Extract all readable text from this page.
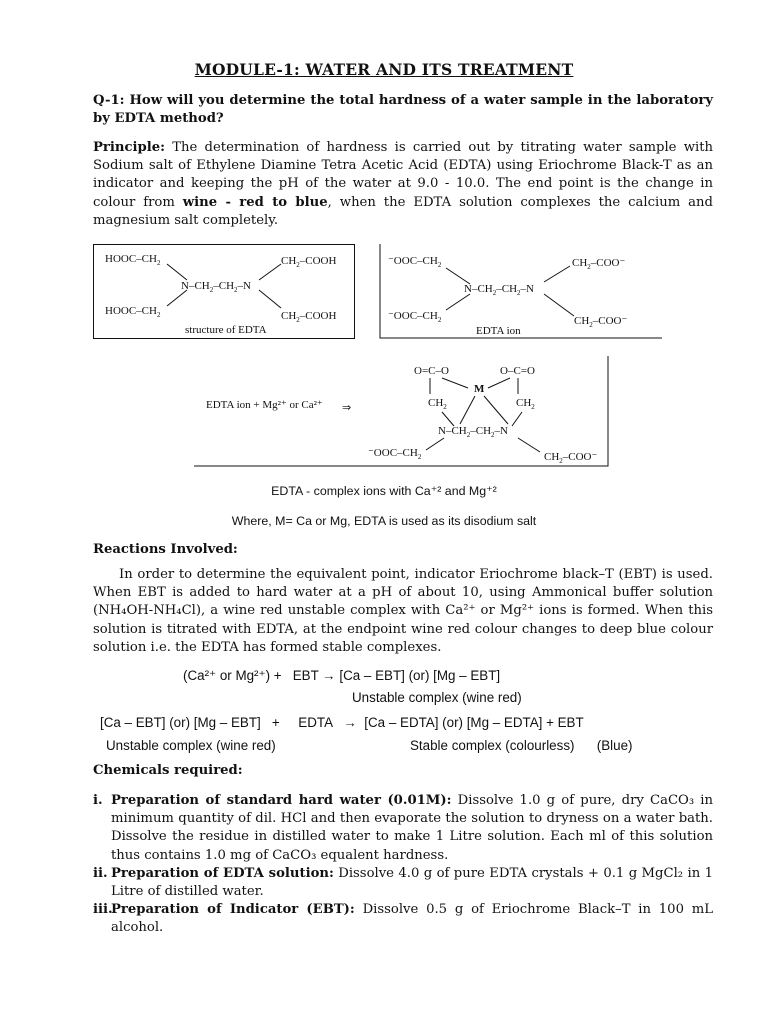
MODULE-1: WATER AND ITS TREATMENT
Q-1: How will you determine the total hardness of a water sample in the laboratory by EDTA method?
Principle: The determination of hardness is carried out by titrating water sample with Sodium salt of Ethylene Diamine Tetra Acetic Acid (EDTA) using Eriochrome Black-T as an indicator and keeping the pH of the water at 9.0 - 10.0. The end point is the change in colour from wine - red to blue, when the EDTA solution complexes the calcium and magnesium salt completely.
HOOC–$CH_2$
HOOC–$CH_2$
$N-CH_2-CH_2-N$
$CH_2$–COOH
$CH_2$–COOH
structure of EDTA
$^-OOC-CH_2$
$^-OOC-CH_2$
$N-CH_2-CH_2-N$
$CH_2-COO^-$
$CH_2-COO^-$
EDTA ion
EDTA ion + Mg²⁺ or Ca²⁺ ⇒
O=C–O	O–C=O
M
$CH_2$	$CH_2$
$N-CH_2-CH_2-N$
$^-OOC-CH_2$	$CH_2-COO^-$
EDTA - complex ions with Ca⁺² and Mg⁺²
Where, M= Ca or Mg, EDTA is used as its disodium salt
Reactions Involved:
In order to determine the equivalent point, indicator Eriochrome black–T (EBT) is used. When EBT is added to hard water at a pH of about 10, using Ammonical buffer solution (NH₄OH-NH₄Cl), a wine red unstable complex with Ca²⁺ or Mg²⁺ ions is formed. When this solution is titrated with EDTA, at the endpoint wine red colour changes to deep blue colour solution i.e. the EDTA has formed stable complexes.
(Ca²⁺ or Mg²⁺) +   EBT → [Ca – EBT] (or) [Mg – EBT]
Unstable complex (wine red)
[Ca – EBT] (or) [Mg – EBT]   +     EDTA   →  [Ca – EDTA] (or) [Mg – EDTA] + EBT
Unstable complex (wine red)	Stable complex (colourless)      (Blue)
Chemicals required:
i. Preparation of standard hard water (0.01M): Dissolve 1.0 g of pure, dry CaCO₃ in minimum quantity of dil. HCl and then evaporate the solution to dryness on a water bath. Dissolve the residue in distilled water to make 1 Litre solution. Each ml of this solution thus contains 1.0 mg of CaCO₃ equalent hardness.
ii. Preparation of EDTA solution: Dissolve 4.0 g of pure EDTA crystals + 0.1 g MgCl₂ in 1 Litre of distilled water.
iii.
Preparation of Indicator (EBT): Dissolve 0.5 g of Eriochrome Black–T in 100 mL alcohol.
